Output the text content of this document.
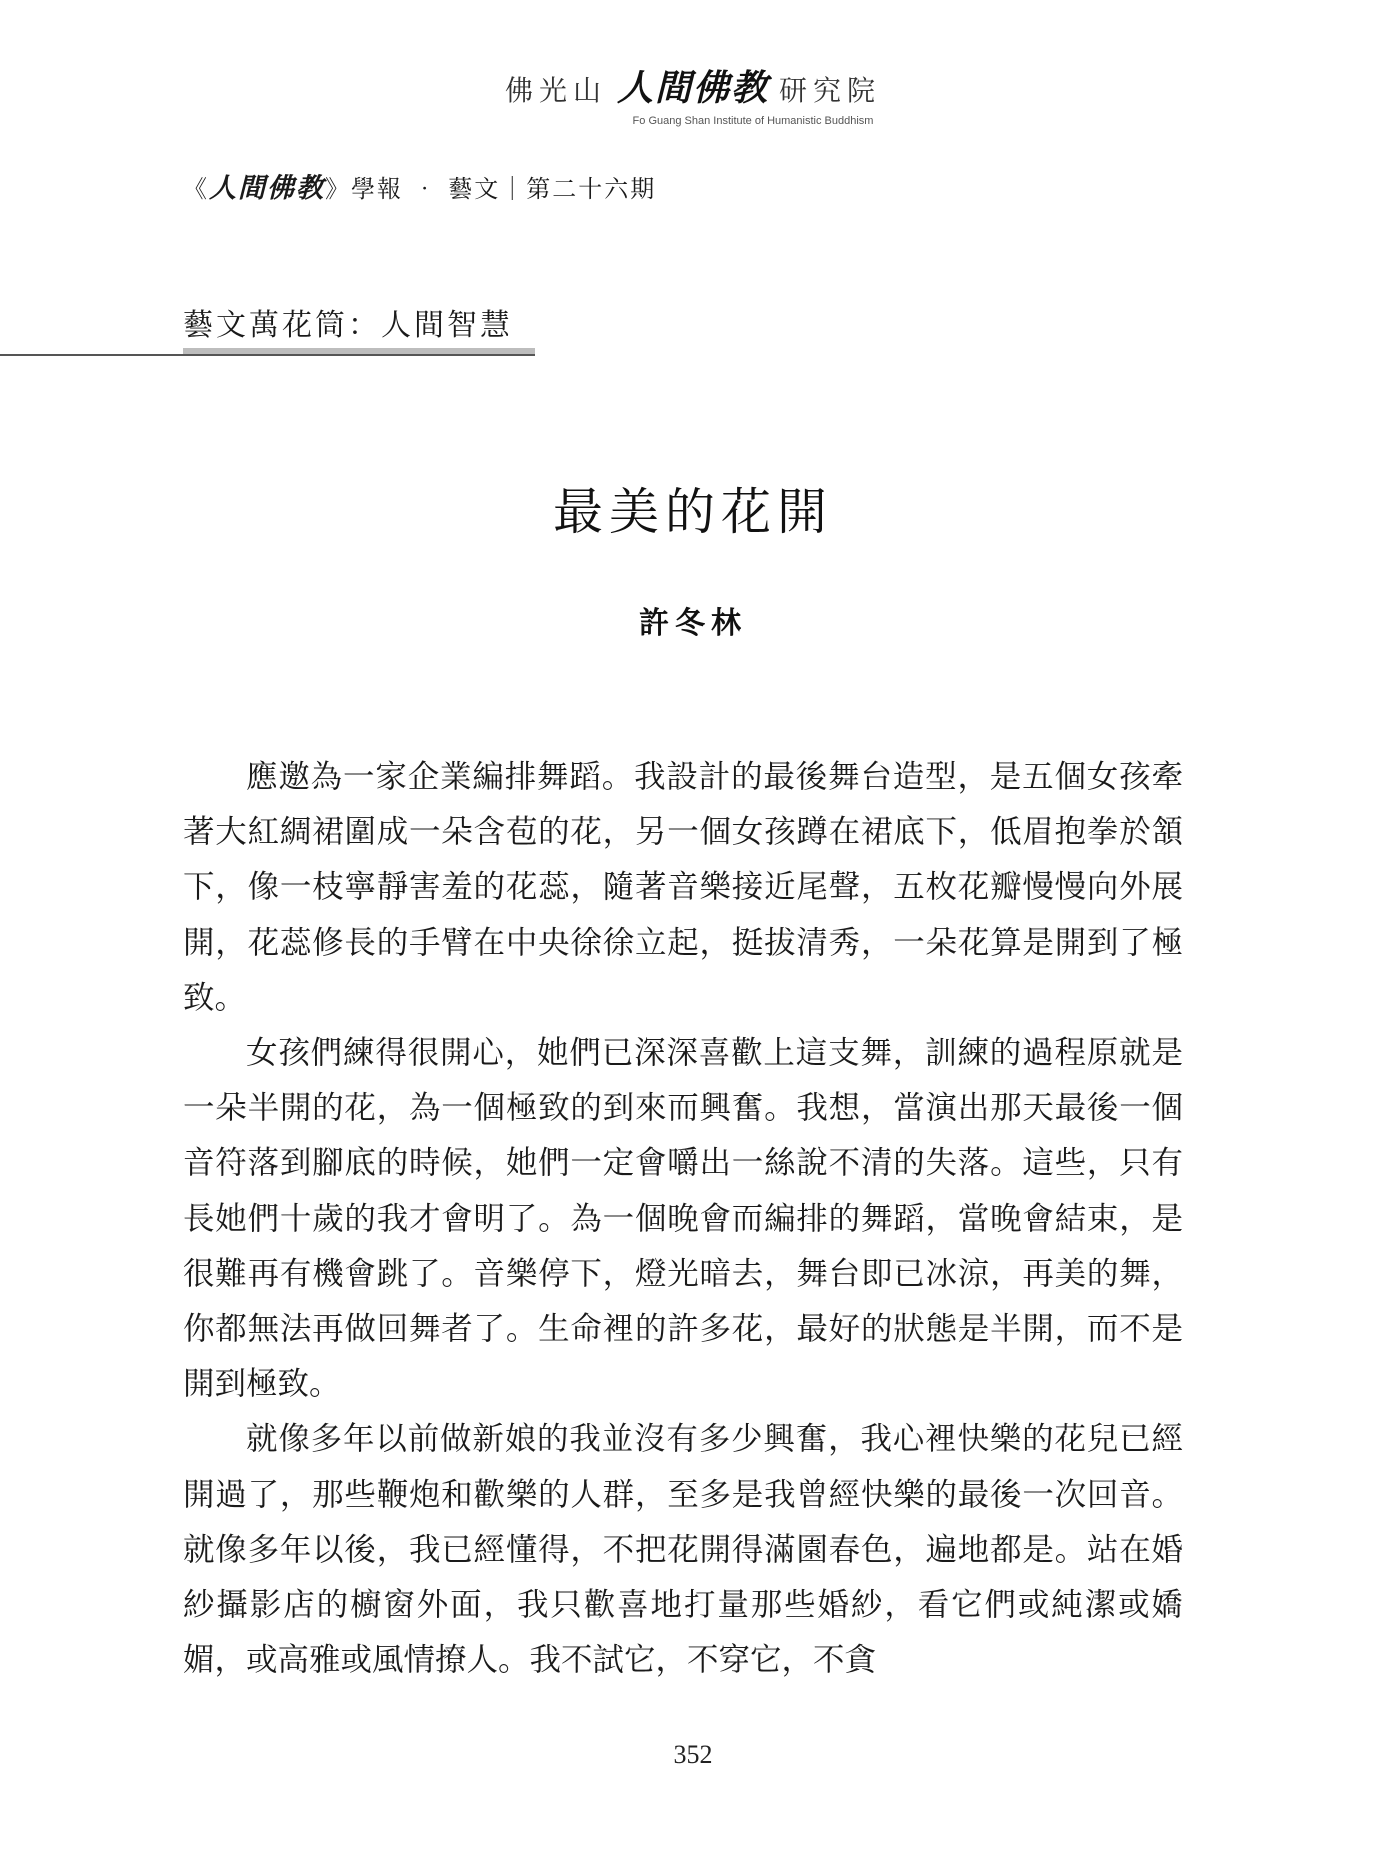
佛光山 人間佛教 研究院
Fo Guang Shan Institute of Humanistic Buddhism
《人間佛教》學報 ‧ 藝文｜第二十六期
藝文萬花筒：人間智慧
最美的花開
許冬林

應邀為一家企業編排舞蹈。我設計的最後舞台造型，是五個女孩牽著大紅綢裙圍成一朵含苞的花，另一個女孩蹲在裙底下，低眉抱拳於頷下，像一枝寧靜害羞的花蕊，隨著音樂接近尾聲，五枚花瓣慢慢向外展開，花蕊修長的手臂在中央徐徐立起，挺拔清秀，一朵花算是開到了極致。

女孩們練得很開心，她們已深深喜歡上這支舞，訓練的過程原就是一朵半開的花，為一個極致的到來而興奮。我想，當演出那天最後一個音符落到腳底的時候，她們一定會嚼出一絲說不清的失落。這些，只有長她們十歲的我才會明了。為一個晚會而編排的舞蹈，當晚會結束，是很難再有機會跳了。音樂停下，燈光暗去，舞台即已冰涼，再美的舞，你都無法再做回舞者了。生命裡的許多花，最好的狀態是半開，而不是開到極致。

就像多年以前做新娘的我並沒有多少興奮，我心裡快樂的花兒已經開過了，那些鞭炮和歡樂的人群，至多是我曾經快樂的最後一次回音。就像多年以後，我已經懂得，不把花開得滿園春色，遍地都是。站在婚紗攝影店的櫥窗外面，我只歡喜地打量那些婚紗，看它們或純潔或嬌媚，或高雅或風情撩人。我不試它，不穿它，不貪

352
